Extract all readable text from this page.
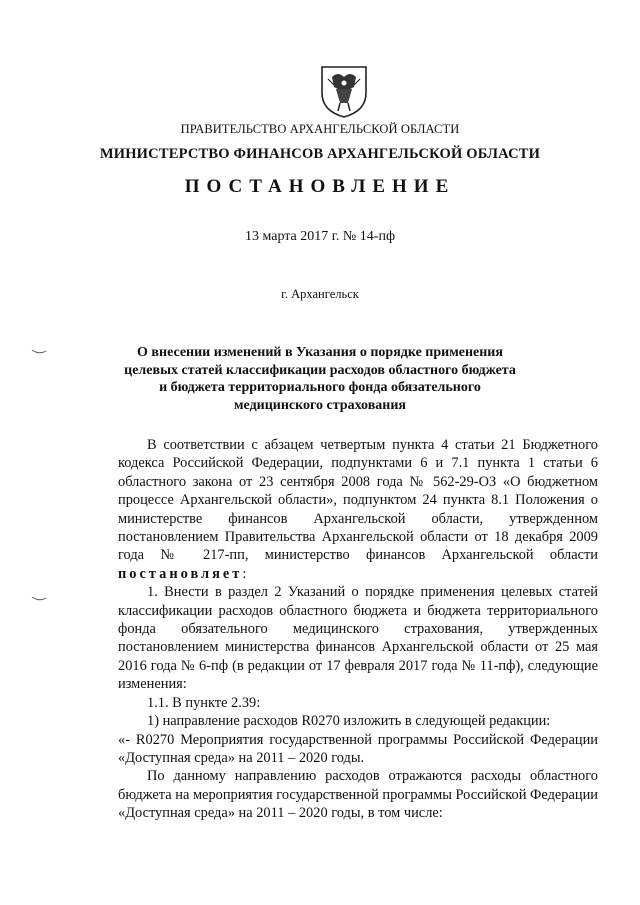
ПРАВИТЕЛЬСТВО АРХАНГЕЛЬСКОЙ ОБЛАСТИ
МИНИСТЕРСТВО ФИНАНСОВ АРХАНГЕЛЬСКОЙ ОБЛАСТИ
ПОСТАНОВЛЕНИЕ
13 марта 2017 г. № 14-пф
г. Архангельск
О внесении изменений в Указания о порядке применения
целевых статей классификации расходов областного бюджета
и бюджета территориального фонда обязательного
медицинского страхования

В соответствии с абзацем четвертым пункта 4 статьи 21 Бюджетного кодекса Российской Федерации, подпунктами 6 и 7.1 пункта 1 статьи 6 областного закона от 23 сентября 2008 года № 562-29-ОЗ «О бюджетном процессе Архангельской области», подпунктом 24 пункта 8.1 Положения о министерстве финансов Архангельской области, утвержденном постановлением Правительства Архангельской области от 18 декабря 2009 года № 217-пп, министерство финансов Архангельской области постановляет:

1. Внести в раздел 2 Указаний о порядке применения целевых статей классификации расходов областного бюджета и бюджета территориального фонда обязательного медицинского страхования, утвержденных постановлением министерства финансов Архангельской области от 25 мая 2016 года № 6-пф (в редакции от 17 февраля 2017 года № 11-пф), следующие изменения:

1.1. В пункте 2.39:

1) направление расходов R0270 изложить в следующей редакции:

«- R0270 Мероприятия государственной программы Российской Федерации «Доступная среда» на 2011 – 2020 годы.

По данному направлению расходов отражаются расходы областного бюджета на мероприятия государственной программы Российской Федерации «Доступная среда» на 2011 – 2020 годы, в том числе:
